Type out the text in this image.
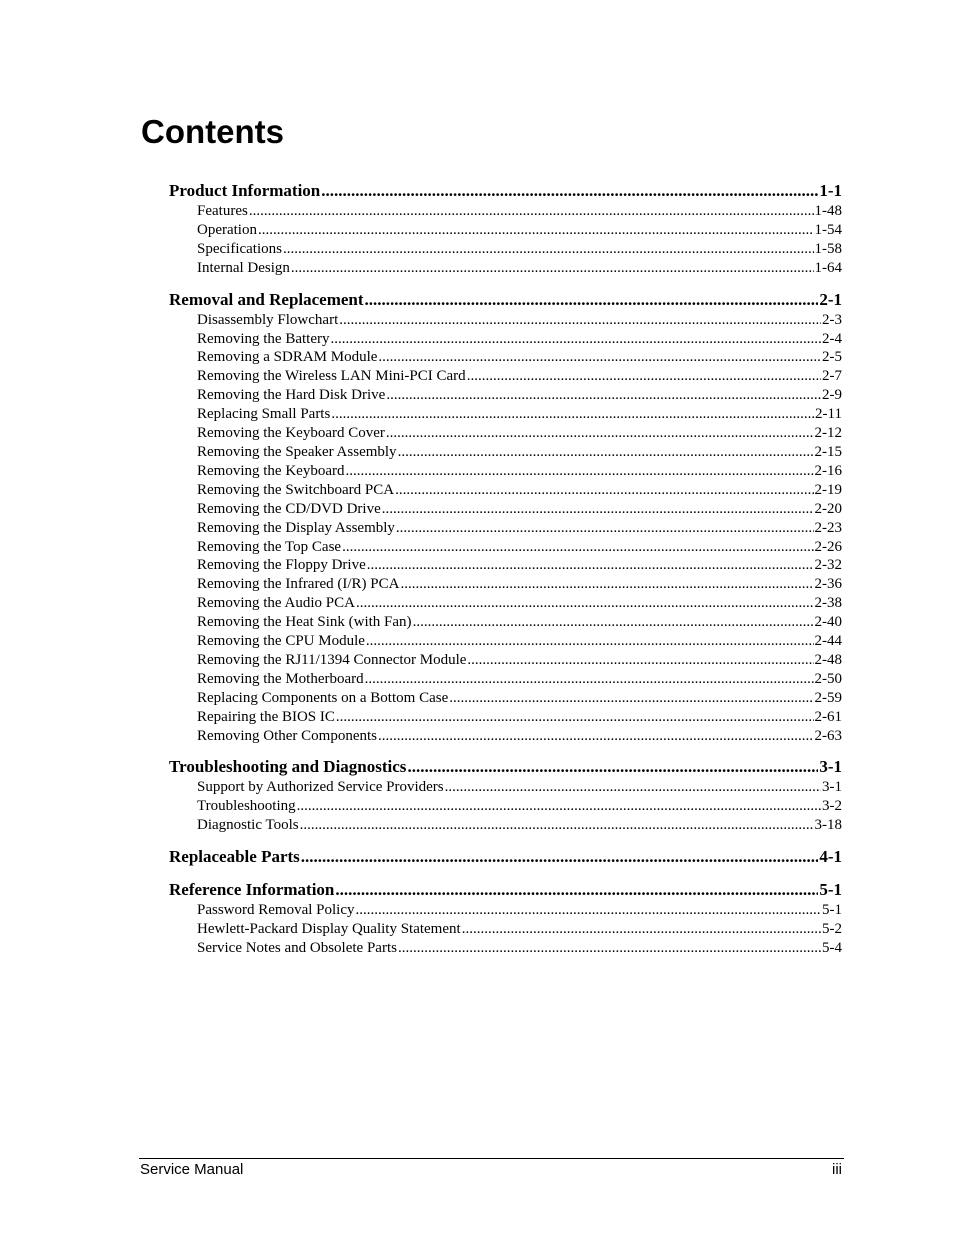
Contents
Product Information .....	1-1
Features .....	1-48
Operation .....	1-54
Specifications .....	1-58
Internal Design .....	1-64
Removal and Replacement .....	2-1
Disassembly Flowchart .....	2-3
Removing the Battery .....	2-4
Removing a SDRAM Module .....	2-5
Removing the Wireless LAN Mini-PCI Card .....	2-7
Removing the Hard Disk Drive .....	2-9
Replacing Small Parts .....	2-11
Removing the Keyboard Cover .....	2-12
Removing the Speaker Assembly .....	2-15
Removing the Keyboard .....	2-16
Removing the Switchboard PCA .....	2-19
Removing the CD/DVD Drive .....	2-20
Removing the Display Assembly .....	2-23
Removing the Top Case .....	2-26
Removing the Floppy Drive .....	2-32
Removing the Infrared (I/R) PCA .....	2-36
Removing the Audio PCA .....	2-38
Removing the Heat Sink (with Fan) .....	2-40
Removing the CPU Module .....	2-44
Removing the RJ11/1394 Connector Module .....	2-48
Removing the Motherboard .....	2-50
Replacing Components on a Bottom Case .....	2-59
Repairing the BIOS IC .....	2-61
Removing Other Components .....	2-63
Troubleshooting and Diagnostics .....	3-1
Support by Authorized Service Providers .....	3-1
Troubleshooting .....	3-2
Diagnostic Tools .....	3-18
Replaceable Parts .....	4-1
Reference Information .....	5-1
Password Removal Policy .....	5-1
Hewlett-Packard Display Quality Statement .....	5-2
Service Notes and Obsolete Parts .....	5-4
Service Manual	iii
